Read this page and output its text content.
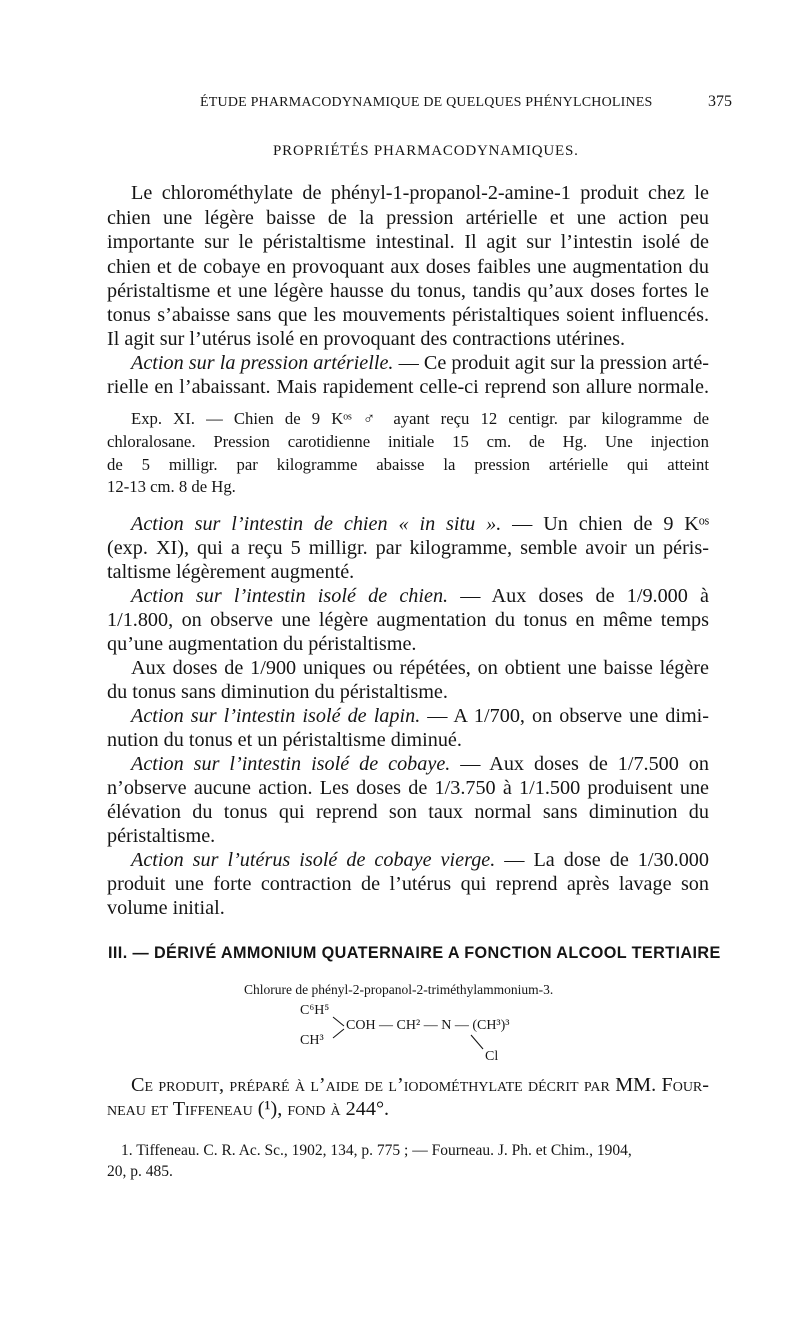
ÉTUDE PHARMACODYNAMIQUE DE QUELQUES PHÉNYLCHOLINES	375
PROPRIÉTÉS PHARMACODYNAMIQUES.
Le chlorométhylate de phényl-1-propanol-2-amine-1 produit chez le
chien une légère baisse de la pression artérielle et une action peu
importante sur le péristaltisme intestinal. Il agit sur l’intestin isolé de
chien et de cobaye en provoquant aux doses faibles une augmentation du
péristaltisme et une légère hausse du tonus, tandis qu’aux doses fortes le
tonus s’abaisse sans que les mouvements péristaltiques soient influencés.
Il agit sur l’utérus isolé en provoquant des contractions utérines.
Action sur la pression artérielle. — Ce produit agit sur la pression arté-
rielle en l’abaissant. Mais rapidement celle-ci reprend son allure normale.
Exp. XI. — Chien de 9 Kᵒˢ ♂ ayant reçu 12 centigr. par kilogramme de
chloralosane. Pression carotidienne initiale 15 cm. de Hg. Une injection
de 5 milligr. par kilogramme abaisse la pression artérielle qui atteint
12-13 cm. 8 de Hg.
Action sur l’intestin de chien « in situ ». — Un chien de 9 Kᵒˢ
(exp. XI), qui a reçu 5 milligr. par kilogramme, semble avoir un péris-
taltisme légèrement augmenté.
Action sur l’intestin isolé de chien. — Aux doses de 1/9.000 à
1/1.800, on observe une légère augmentation du tonus en même temps
qu’une augmentation du péristaltisme.
Aux doses de 1/900 uniques ou répétées, on obtient une baisse légère
du tonus sans diminution du péristaltisme.
Action sur l’intestin isolé de lapin. — A 1/700, on observe une dimi-
nution du tonus et un péristaltisme diminué.
Action sur l’intestin isolé de cobaye. — Aux doses de 1/7.500 on
n’observe aucune action. Les doses de 1/3.750 à 1/1.500 produisent une
élévation du tonus qui reprend son taux normal sans diminution du
péristaltisme.
Action sur l’utérus isolé de cobaye vierge. — La dose de 1/30.000
produit une forte contraction de l’utérus qui reprend après lavage son
volume initial.
III. — DÉRIVÉ AMMONIUM QUATERNAIRE A FONCTION ALCOOL TERTIAIRE
Chlorure de phényl-2-propanol-2-triméthylammonium-3.
C⁶H⁵
CH³
COH — CH² — N — (CH³)³
Cl
Ce produit, préparé à l’aide de l’iodométhylate décrit par MM. Four-
neau et Tiffeneau (¹), fond à 244°.
1. Tiffeneau. C. R. Ac. Sc., 1902, 134, p. 775 ; — Fourneau. J. Ph. et Chim., 1904,
20, p. 485.
